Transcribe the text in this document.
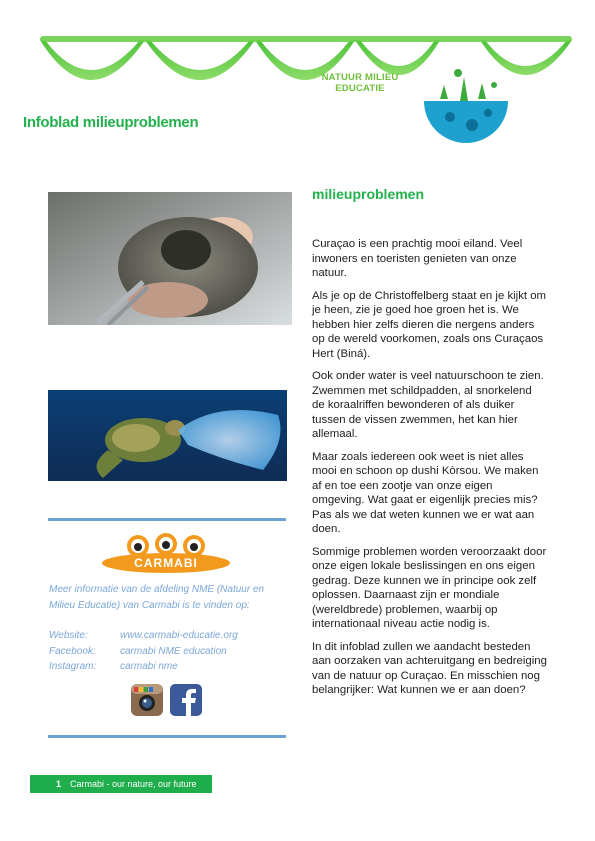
NATUUR MILIEU
EDUCATIE
Infoblad milieuproblemen
CARMABI
Meer informatie van de afdeling NME (Natuur en Milieu Educatie) van Carmabi is te vinden op:
Website:	www.carmabi-educatie.org
Facebook: carmabi NME education
Instagram: carmabi nme
milieuproblemen

Curaçao is een prachtig mooi eiland. Veel inwoners en toeristen genieten van onze natuur.

Als je op de Christoffelberg staat en je kijkt om je heen, zie je goed hoe groen het is. We hebben hier zelfs dieren die nergens anders op de wereld voorkomen, zoals ons Curaçaos Hert (Biná).

Ook onder water is veel natuurschoon te zien. Zwemmen met schildpadden, al snorkelend de koraalriffen bewonderen of als duiker tussen de vissen zwemmen, het kan hier allemaal.

Maar zoals iedereen ook weet is niet alles mooi en schoon op dushi Kòrsou. We maken af en toe een zootje van onze eigen omgeving. Wat gaat er eigenlijk precies mis? Pas als we dat weten kunnen we er wat aan doen.

Sommige problemen worden veroorzaakt door onze eigen lokale beslissingen en ons eigen gedrag. Deze kunnen we in principe ook zelf oplossen. Daarnaast zijn er mondiale (wereldbrede) problemen, waarbij op internationaal niveau actie nodig is.

In dit infoblad zullen we aandacht besteden aan oorzaken van achteruitgang en bedreiging van de natuur op Curaçao. En misschien nog belangrijker: Wat kunnen we er aan doen?

1 Carmabi - our nature, our future
